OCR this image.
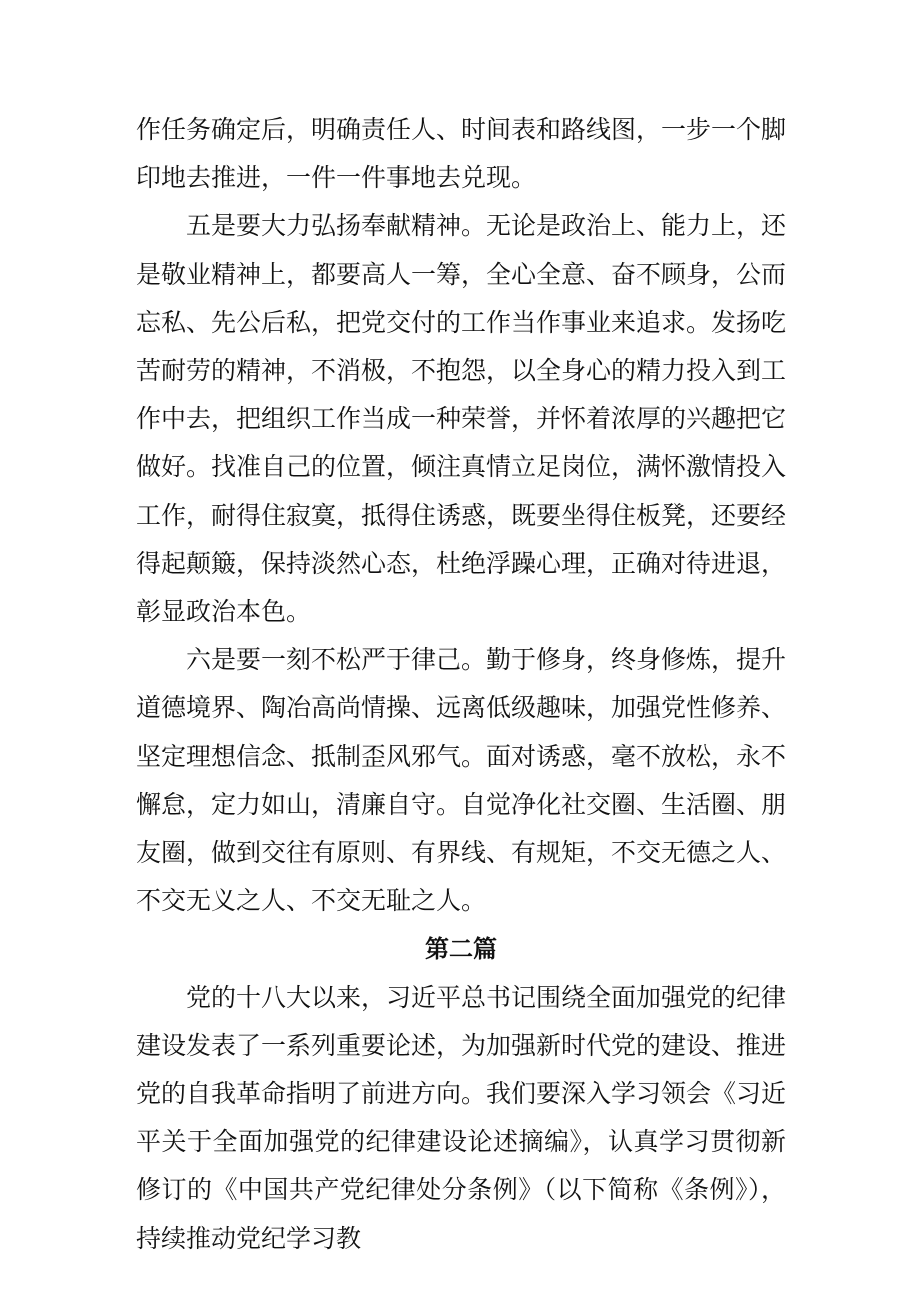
作任务确定后，明确责任人、时间表和路线图，一步一个脚印地去推进，一件一件事地去兑现。

五是要大力弘扬奉献精神。无论是政治上、能力上，还是敬业精神上，都要高人一筹，全心全意、奋不顾身，公而忘私、先公后私，把党交付的工作当作事业来追求。发扬吃苦耐劳的精神，不消极，不抱怨，以全身心的精力投入到工作中去，把组织工作当成一种荣誉，并怀着浓厚的兴趣把它做好。找准自己的位置，倾注真情立足岗位，满怀激情投入工作，耐得住寂寞，抵得住诱惑，既要坐得住板凳，还要经得起颠簸，保持淡然心态，杜绝浮躁心理，正确对待进退，彰显政治本色。

六是要一刻不松严于律己。勤于修身，终身修炼，提升道德境界、陶冶高尚情操、远离低级趣味，加强党性修养、坚定理想信念、抵制歪风邪气。面对诱惑，毫不放松，永不懈怠，定力如山，清廉自守。自觉净化社交圈、生活圈、朋友圈，做到交往有原则、有界线、有规矩，不交无德之人、不交无义之人、不交无耻之人。

第二篇

党的十八大以来，习近平总书记围绕全面加强党的纪律建设发表了一系列重要论述，为加强新时代党的建设、推进党的自我革命指明了前进方向。我们要深入学习领会《习近平关于全面加强党的纪律建设论述摘编》，认真学习贯彻新修订的《中国共产党纪律处分条例》（以下简称《条例》），持续推动党纪学习教
